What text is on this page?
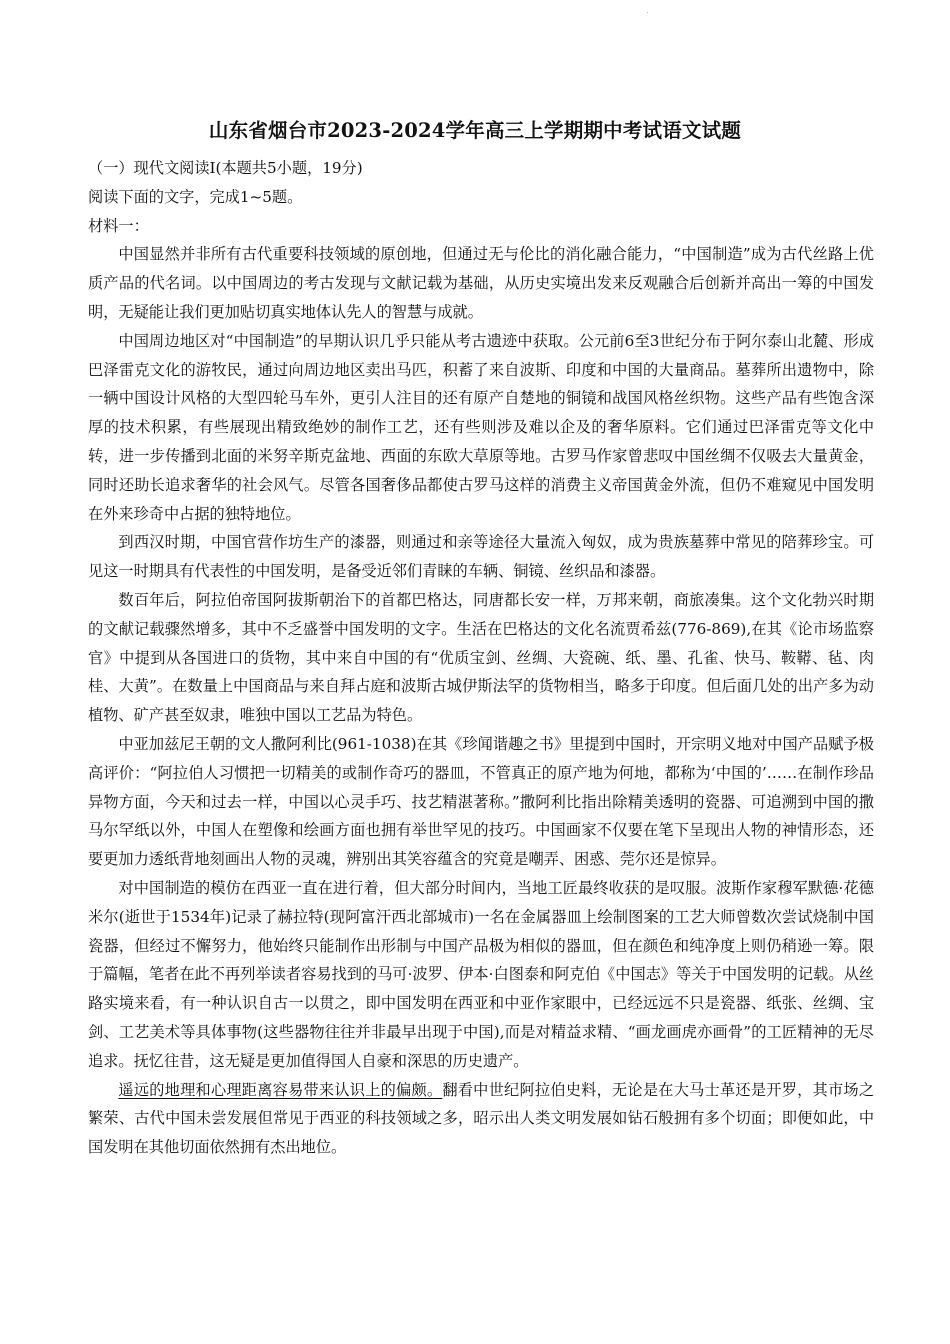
.
山东省烟台市2023-2024学年高三上学期期中考试语文试题

（一）现代文阅读Ⅰ(本题共5小题，19分)

阅读下面的文字，完成1~5题。

材料一：

中国显然并非所有古代重要科技领域的原创地，但通过无与伦比的消化融合能力，“中国制造”成为古代丝路上优质产品的代名词。以中国周边的考古发现与文献记载为基础，从历史实境出发来反观融合后创新并高出一筹的中国发明，无疑能让我们更加贴切真实地体认先人的智慧与成就。

中国周边地区对“中国制造”的早期认识几乎只能从考古遗迹中获取。公元前6至3世纪分布于阿尔泰山北麓、形成巴泽雷克文化的游牧民，通过向周边地区卖出马匹，积蓄了来自波斯、印度和中国的大量商品。墓葬所出遗物中，除一辆中国设计风格的大型四轮马车外，更引人注目的还有原产自楚地的铜镜和战国风格丝织物。这些产品有些饱含深厚的技术积累，有些展现出精致绝妙的制作工艺，还有些则涉及难以企及的奢华原料。它们通过巴泽雷克等文化中转，进一步传播到北面的米努辛斯克盆地、西面的东欧大草原等地。古罗马作家曾悲叹中国丝绸不仅吸去大量黄金，同时还助长追求奢华的社会风气。尽管各国奢侈品都使古罗马这样的消费主义帝国黄金外流，但仍不难窥见中国发明在外来珍奇中占据的独特地位。

到西汉时期，中国官营作坊生产的漆器，则通过和亲等途径大量流入匈奴，成为贵族墓葬中常见的陪葬珍宝。可见这一时期具有代表性的中国发明，是备受近邻们青睐的车辆、铜镜、丝织品和漆器。

数百年后，阿拉伯帝国阿拔斯朝治下的首都巴格达，同唐都长安一样，万邦来朝，商旅凑集。这个文化勃兴时期的文献记载骤然增多，其中不乏盛誉中国发明的文字。生活在巴格达的文化名流贾希兹(776-869),在其《论市场监察官》中提到从各国进口的货物，其中来自中国的有“优质宝剑、丝绸、大瓷碗、纸、墨、孔雀、快马、鞍鞯、毡、肉桂、大黄”。在数量上中国商品与来自拜占庭和波斯古城伊斯法罕的货物相当，略多于印度。但后面几处的出产多为动植物、矿产甚至奴隶，唯独中国以工艺品为特色。

中亚加兹尼王朝的文人撒阿利比(961-1038)在其《珍闻谐趣之书》里提到中国时，开宗明义地对中国产品赋予极高评价：“阿拉伯人习惯把一切精美的或制作奇巧的器皿，不管真正的原产地为何地，都称为‘中国的’……在制作珍品异物方面，今天和过去一样，中国以心灵手巧、技艺精湛著称。”撒阿利比指出除精美透明的瓷器、可追溯到中国的撒马尔罕纸以外，中国人在塑像和绘画方面也拥有举世罕见的技巧。中国画家不仅要在笔下呈现出人物的神情形态，还要更加力透纸背地刻画出人物的灵魂，辨别出其笑容蕴含的究竟是嘲弄、困惑、莞尔还是惊异。

对中国制造的模仿在西亚一直在进行着，但大部分时间内，当地工匠最终收获的是叹服。波斯作家穆军默德·花德米尔(逝世于1534年)记录了赫拉特(现阿富汗西北部城市)一名在金属器皿上绘制图案的工艺大师曾数次尝试烧制中国瓷器，但经过不懈努力，他始终只能制作出形制与中国产品极为相似的器皿，但在颜色和纯净度上则仍稍逊一筹。限于篇幅，笔者在此不再列举读者容易找到的马可·波罗、伊本·白图泰和阿克伯《中国志》等关于中国发明的记载。从丝路实境来看，有一种认识自古一以贯之，即中国发明在西亚和中亚作家眼中，已经远远不只是瓷器、纸张、丝绸、宝剑、工艺美术等具体事物(这些器物往往并非最早出现于中国),而是对精益求精、“画龙画虎亦画骨”的工匠精神的无尽追求。抚忆往昔，这无疑是更加值得国人自豪和深思的历史遗产。

遥远的地理和心理距离容易带来认识上的偏颇。翻看中世纪阿拉伯史料，无论是在大马士革还是开罗，其市场之繁荣、古代中国未尝发展但常见于西亚的科技领域之多，昭示出人类文明发展如钻石般拥有多个切面；即便如此，中国发明在其他切面依然拥有杰出地位。
